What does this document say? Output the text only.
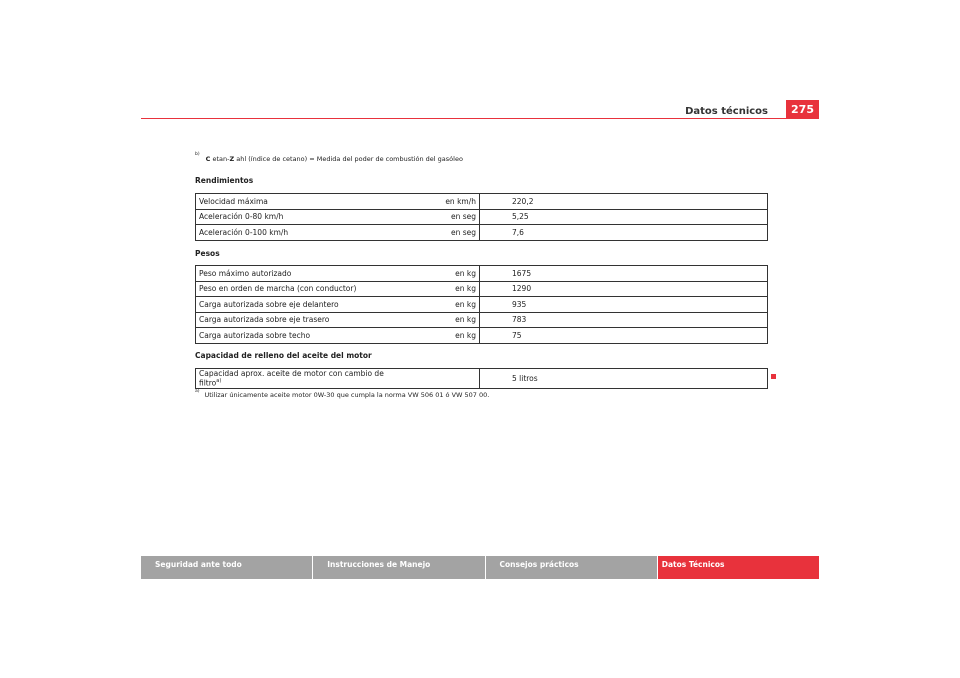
Datos técnicos	275
$^{b)}$C etan-Z ahl (índice de cetano) = Medida del poder de combustión del gasóleo
Rendimientos
Velocidad máxima	en km/h	220,2
Aceleración 0-80 km/h	en seg	5,25
Aceleración 0-100 km/h	en seg	7,6
Pesos
Peso máximo autorizado	en kg	1675
Peso en orden de marcha (con conductor)	en kg	1290
Carga autorizada sobre eje delantero	en kg	935
Carga autorizada sobre eje trasero	en kg	783
Carga autorizada sobre techo	en kg	75
Capacidad de relleno del aceite del motor
Capacidad aprox. aceite de motor con cambio de filtro$^{a)}$		5 litros
$^{a)}$ Utilizar únicamente aceite motor 0W-30 que cumpla la norma VW 506 01 ó VW 507 00.
Seguridad ante todo	Instrucciones de Manejo	Consejos prácticos	Datos Técnicos
